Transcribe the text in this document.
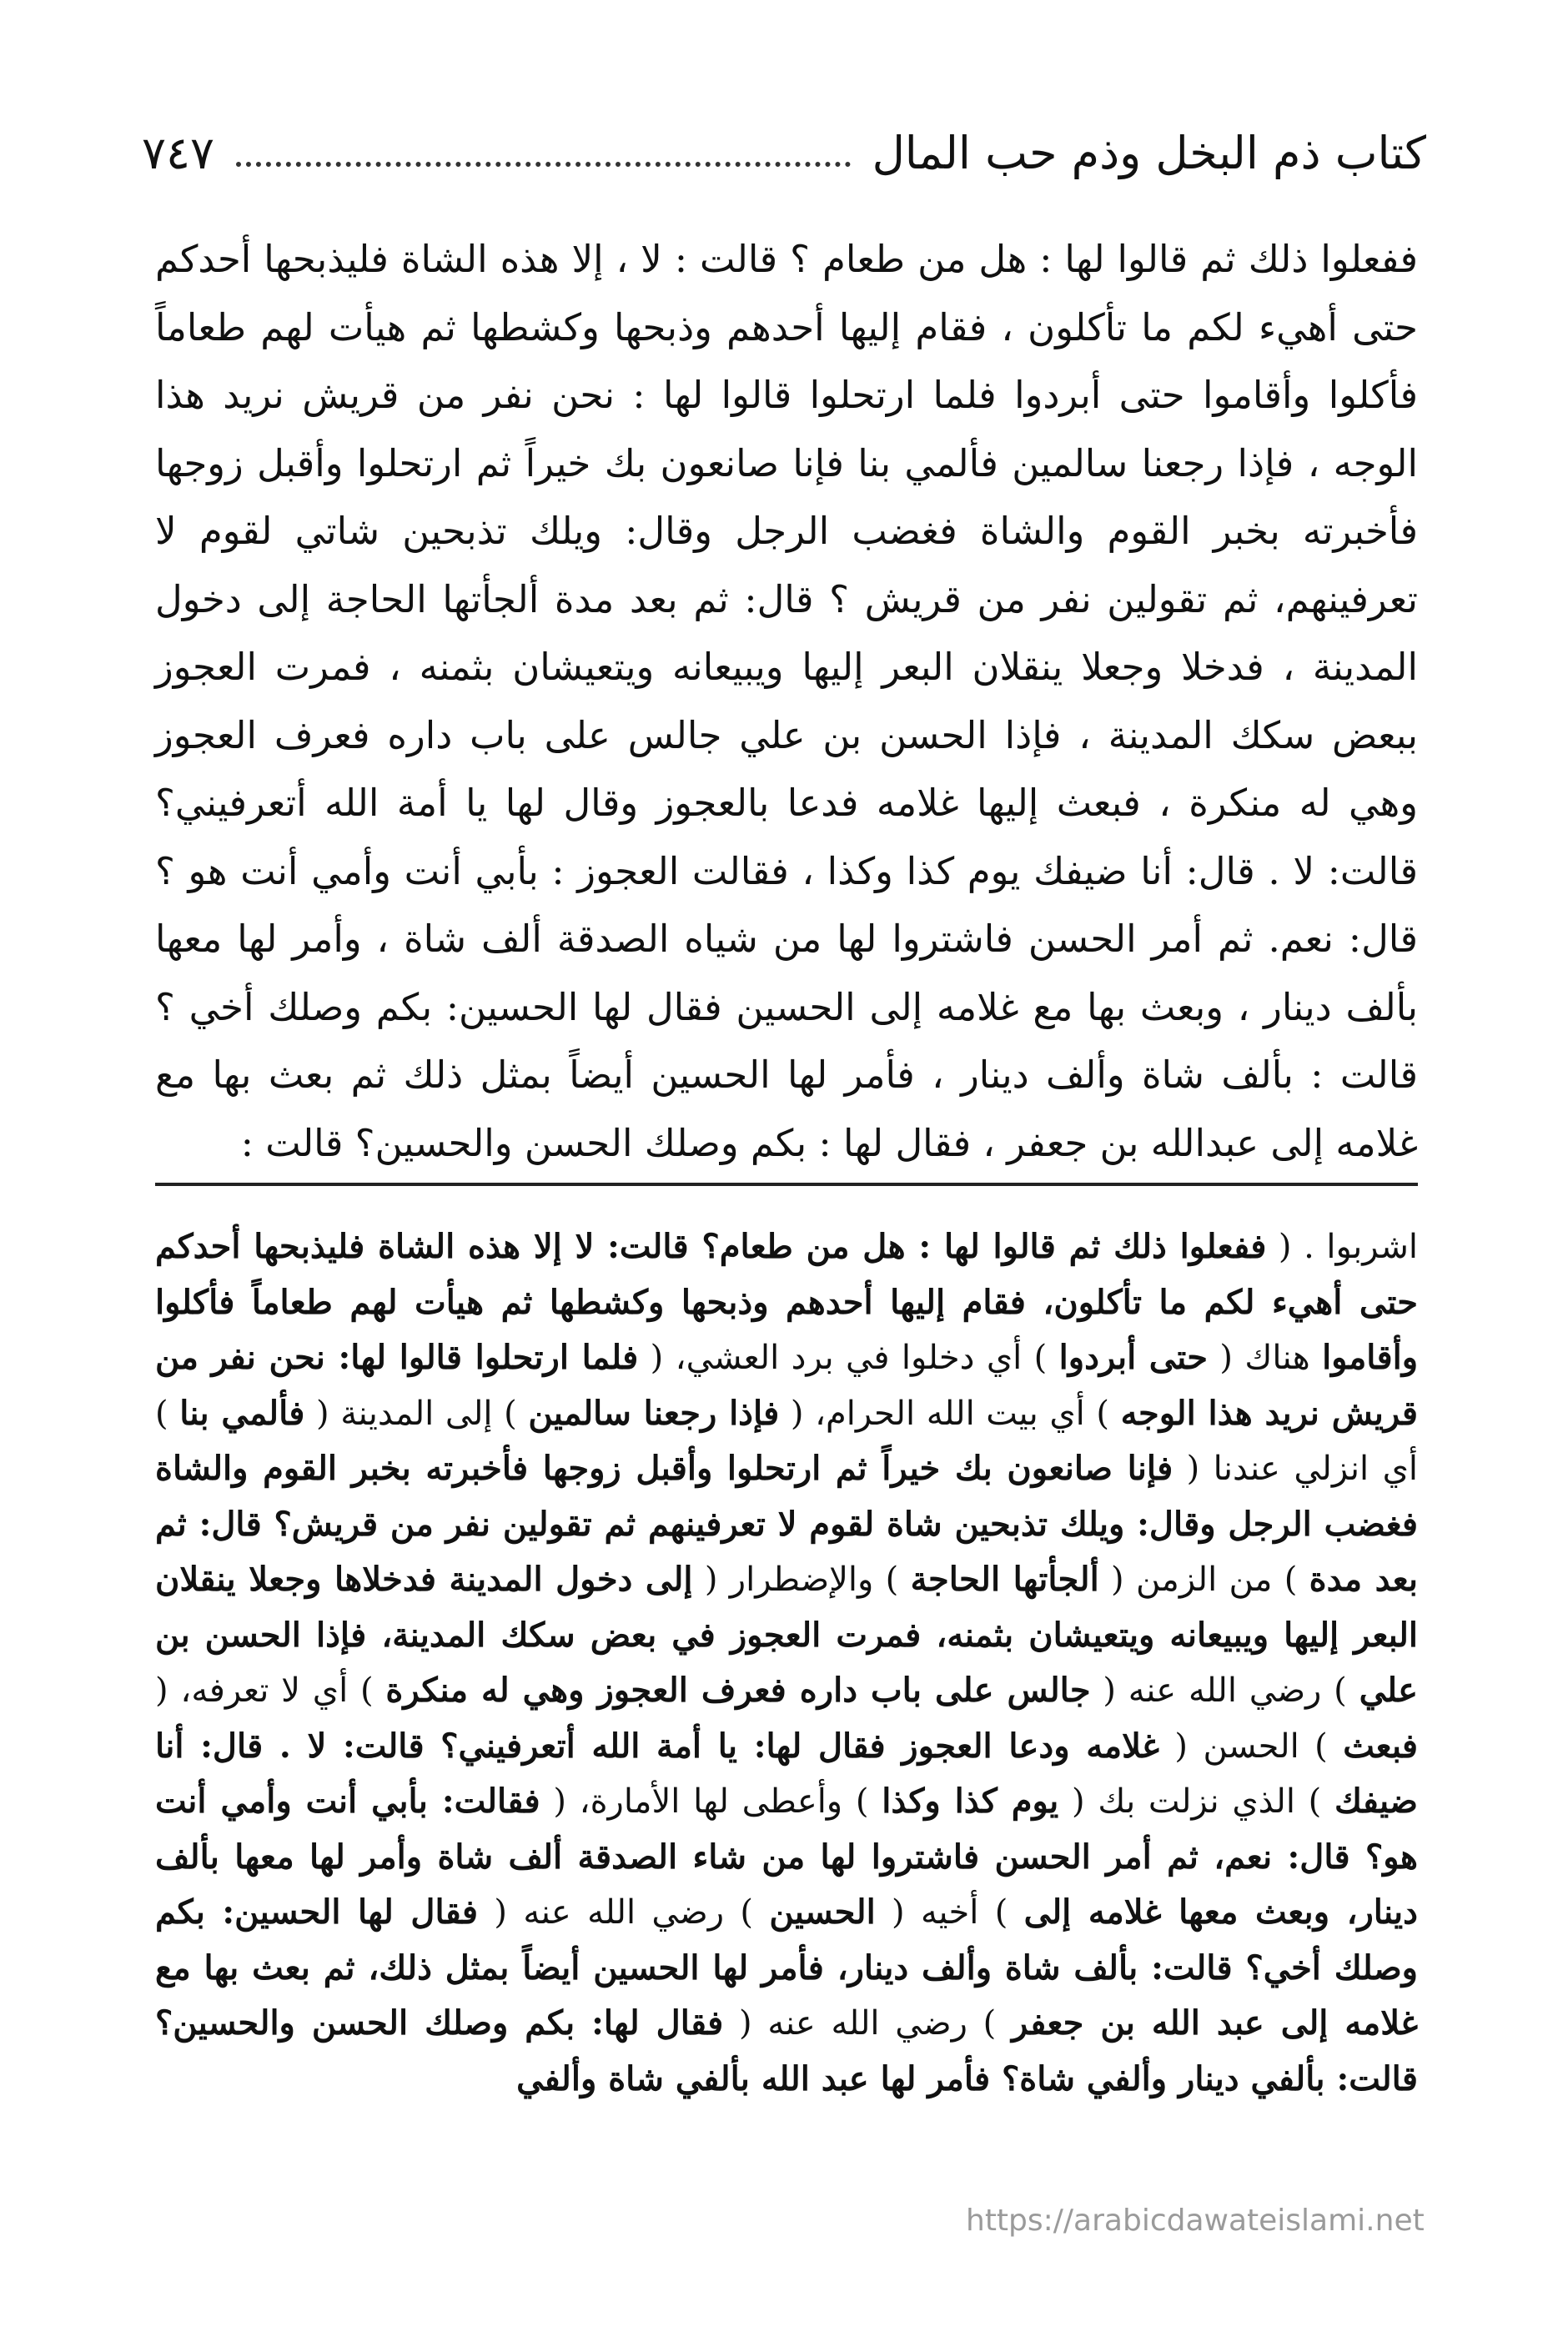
٧٤٧	كتاب ذم البخل وذم حب المال

ففعلوا ذلك ثم قالوا لها : هل من طعام ؟ قالت : لا ، إلا هذه الشاة فليذبحها أحدكم حتى أهيء لكم ما تأكلون ، فقام إليها أحدهم وذبحها وكشطها ثم هيأت لهم طعاماً فأكلوا وأقاموا حتى أبردوا فلما ارتحلوا قالوا لها : نحن نفر من قريش نريد هذا الوجه ، فإذا رجعنا سالمين فألمي بنا فإنا صانعون بك خيراً ثم ارتحلوا وأقبل زوجها فأخبرته بخبر القوم والشاة فغضب الرجل وقال: ويلك تذبحين شاتي لقوم لا تعرفينهم، ثم تقولين نفر من قريش ؟ قال: ثم بعد مدة ألجأتها الحاجة إلى دخول المدينة ، فدخلا وجعلا ينقلان البعر إليها ويبيعانه ويتعيشان بثمنه ، فمرت العجوز ببعض سكك المدينة ، فإذا الحسن بن علي جالس على باب داره فعرف العجوز وهي له منكرة ، فبعث إليها غلامه فدعا بالعجوز وقال لها يا أمة الله أتعرفيني؟ قالت: لا . قال: أنا ضيفك يوم كذا وكذا ، فقالت العجوز : بأبي أنت وأمي أنت هو ؟ قال: نعم. ثم أمر الحسن فاشتروا لها من شياه الصدقة ألف شاة ، وأمر لها معها بألف دينار ، وبعث بها مع غلامه إلى الحسين فقال لها الحسين: بكم وصلك أخي ؟ قالت : بألف شاة وألف دينار ، فأمر لها الحسين أيضاً بمثل ذلك ثم بعث بها مع غلامه إلى عبدالله بن جعفر ، فقال لها : بكم وصلك الحسن والحسين؟ قالت :

اشربوا . ( ففعلوا ذلك ثم قالوا لها : هل من طعام؟ قالت: لا إلا هذه الشاة فليذبحها أحدكم حتى أهيء لكم ما تأكلون، فقام إليها أحدهم وذبحها وكشطها ثم هيأت لهم طعاماً فأكلوا وأقاموا هناك ( حتى أبردوا ) أي دخلوا في برد العشي، ( فلما ارتحلوا قالوا لها: نحن نفر من قريش نريد هذا الوجه ) أي بيت الله الحرام، ( فإذا رجعنا سالمين ) إلى المدينة ( فألمي بنا ) أي انزلي عندنا ( فإنا صانعون بك خيراً ثم ارتحلوا وأقبل زوجها فأخبرته بخبر القوم والشاة فغضب الرجل وقال: ويلك تذبحين شاة لقوم لا تعرفينهم ثم تقولين نفر من قريش؟ قال: ثم بعد مدة ) من الزمن ( ألجأتها الحاجة ) والإضطرار ( إلى دخول المدينة فدخلاها وجعلا ينقلان البعر إليها ويبيعانه ويتعيشان بثمنه، فمرت العجوز في بعض سكك المدينة، فإذا الحسن بن علي ) رضي الله عنه ( جالس على باب داره فعرف العجوز وهي له منكرة ) أي لا تعرفه، ( فبعث ) الحسن ( غلامه ودعا العجوز فقال لها: يا أمة الله أتعرفيني؟ قالت: لا . قال: أنا ضيفك ) الذي نزلت بك ( يوم كذا وكذا ) وأعطى لها الأمارة، ( فقالت: بأبي أنت وأمي أنت هو؟ قال: نعم، ثم أمر الحسن فاشتروا لها من شاء الصدقة ألف شاة وأمر لها معها بألف دينار، وبعث معها غلامه إلى ) أخيه ( الحسين ) رضي الله عنه ( فقال لها الحسين: بكم وصلك أخي؟ قالت: بألف شاة وألف دينار، فأمر لها الحسين أيضاً بمثل ذلك، ثم بعث بها مع غلامه إلى عبد الله بن جعفر ) رضي الله عنه ( فقال لها: بكم وصلك الحسن والحسين؟ قالت: بألفي دينار وألفي شاة؟ فأمر لها عبد الله بألفي شاة وألفي

https://arabicdawateislami.net
